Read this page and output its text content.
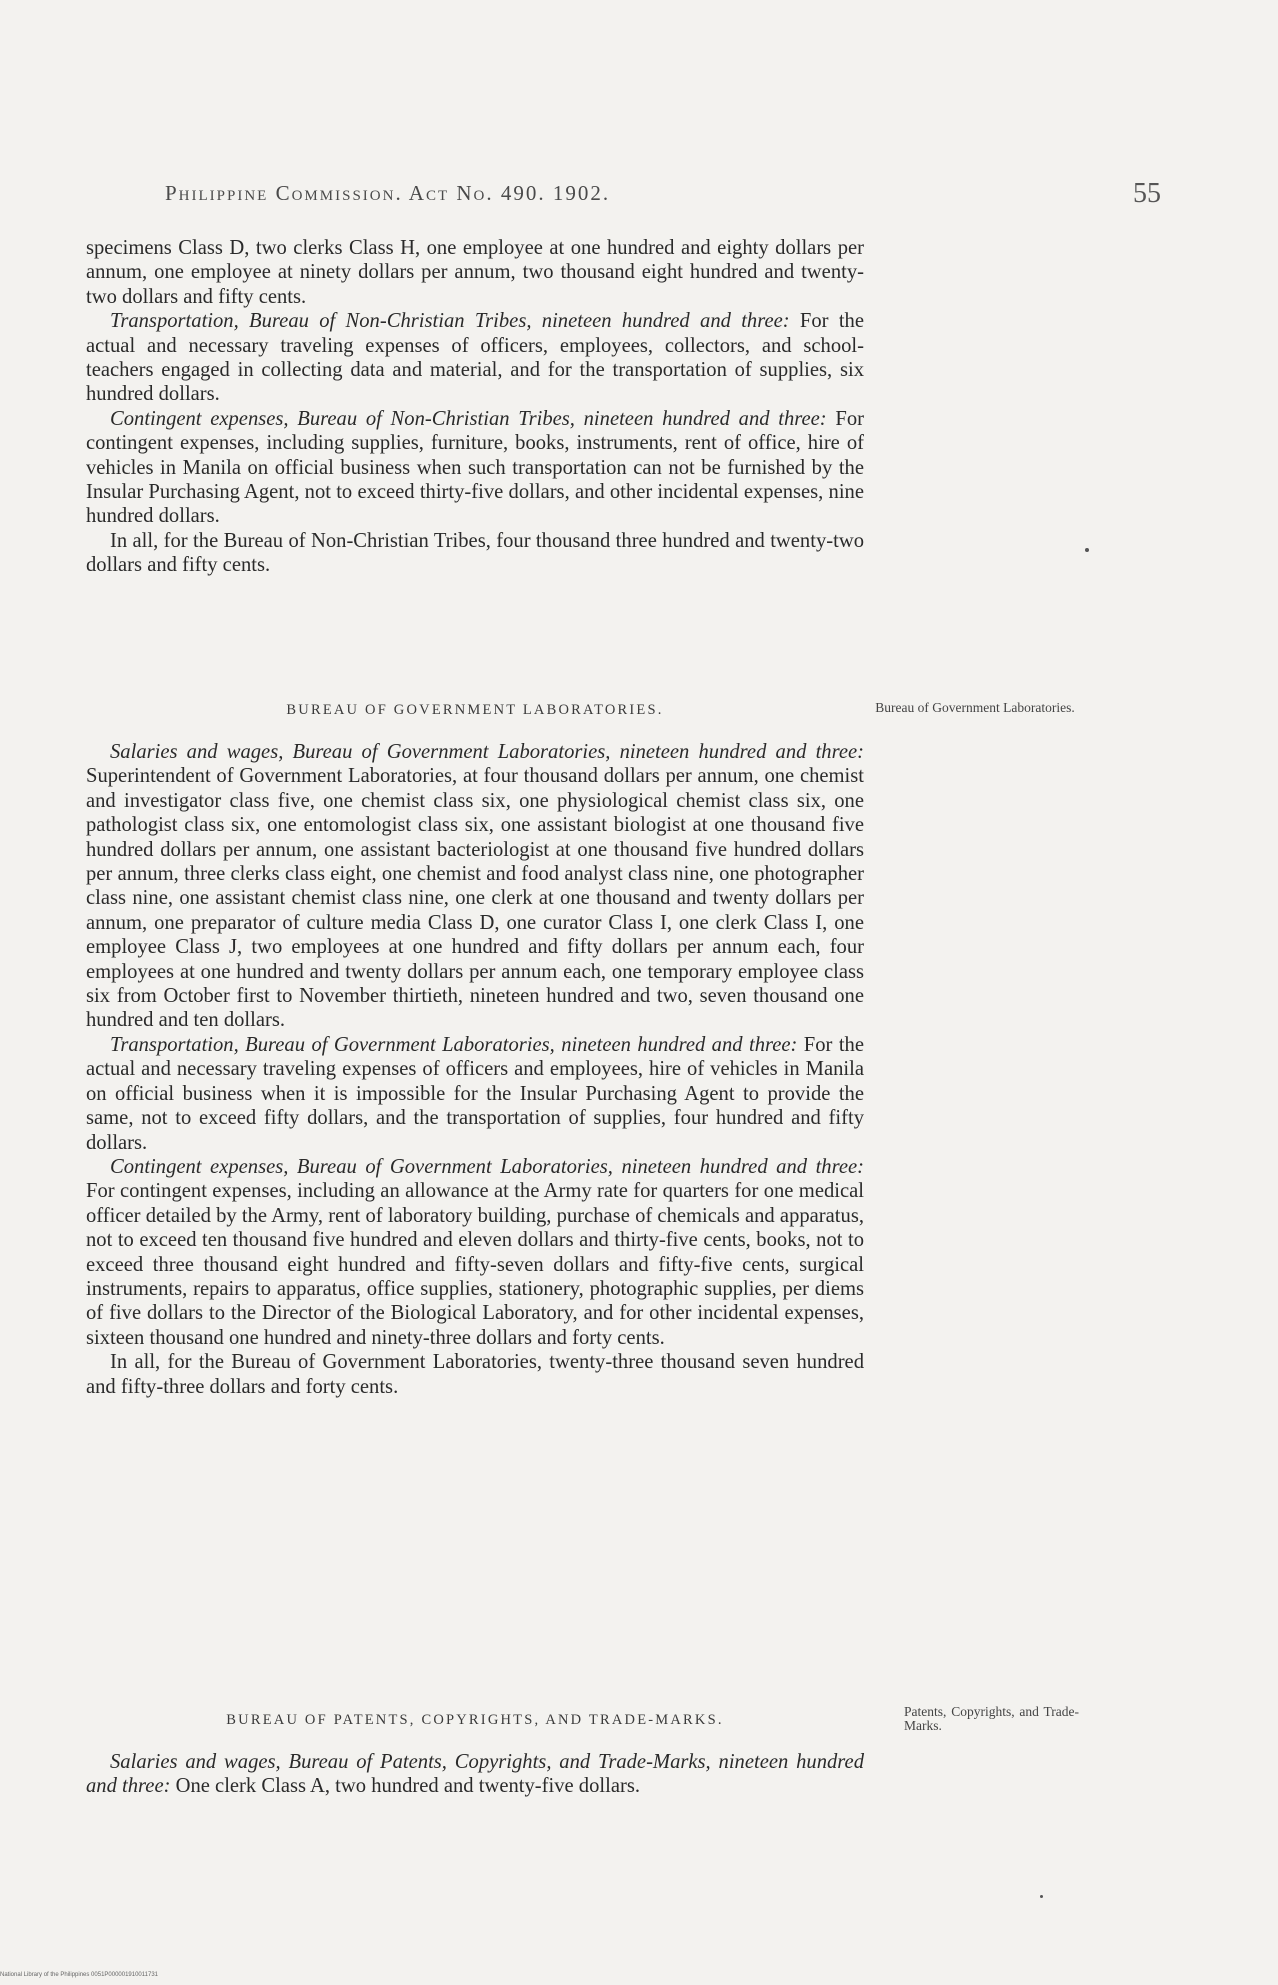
Philippine Commission. Act No. 490. 1902.	55

specimens Class D, two clerks Class H, one employee at one hundred and eighty dollars per annum, one employee at ninety dollars per annum, two thousand eight hundred and twenty-two dollars and fifty cents.

Transportation, Bureau of Non-Christian Tribes, nineteen hundred and three: For the actual and necessary traveling expenses of officers, employees, collectors, and school-teachers engaged in collecting data and material, and for the transportation of supplies, six hundred dollars.

Contingent expenses, Bureau of Non-Christian Tribes, nineteen hundred and three: For contingent expenses, including supplies, furniture, books, instruments, rent of office, hire of vehicles in Manila on official business when such transportation can not be furnished by the Insular Purchasing Agent, not to exceed thirty-five dollars, and other incidental expenses, nine hundred dollars.

In all, for the Bureau of Non-Christian Tribes, four thousand three hundred and twenty-two dollars and fifty cents.

BUREAU OF GOVERNMENT LABORATORIES.	Bureau of Government Laboratories.

Salaries and wages, Bureau of Government Laboratories, nineteen hundred and three: Superintendent of Government Laboratories, at four thousand dollars per annum, one chemist and investigator class five, one chemist class six, one physiological chemist class six, one pathologist class six, one entomologist class six, one assistant biologist at one thousand five hundred dollars per annum, one assistant bacteriologist at one thousand five hundred dollars per annum, three clerks class eight, one chemist and food analyst class nine, one photographer class nine, one assistant chemist class nine, one clerk at one thousand and twenty dollars per annum, one preparator of culture media Class D, one curator Class I, one clerk Class I, one employee Class J, two employees at one hundred and fifty dollars per annum each, four employees at one hundred and twenty dollars per annum each, one temporary employee class six from October first to November thirtieth, nineteen hundred and two, seven thousand one hundred and ten dollars.

Transportation, Bureau of Government Laboratories, nineteen hundred and three: For the actual and necessary traveling expenses of officers and employees, hire of vehicles in Manila on official business when it is impossible for the Insular Purchasing Agent to provide the same, not to exceed fifty dollars, and the transportation of supplies, four hundred and fifty dollars.

Contingent expenses, Bureau of Government Laboratories, nineteen hundred and three: For contingent expenses, including an allowance at the Army rate for quarters for one medical officer detailed by the Army, rent of laboratory building, purchase of chemicals and apparatus, not to exceed ten thousand five hundred and eleven dollars and thirty-five cents, books, not to exceed three thousand eight hundred and fifty-seven dollars and fifty-five cents, surgical instruments, repairs to apparatus, office supplies, stationery, photographic supplies, per diems of five dollars to the Director of the Biological Laboratory, and for other incidental expenses, sixteen thousand one hundred and ninety-three dollars and forty cents.

In all, for the Bureau of Government Laboratories, twenty-three thousand seven hundred and fifty-three dollars and forty cents.

BUREAU OF PATENTS, COPYRIGHTS, AND TRADE-MARKS.
Patents, Copyrights, and Trade-Marks.

Salaries and wages, Bureau of Patents, Copyrights, and Trade-Marks, nineteen hundred and three: One clerk Class A, two hundred and twenty-five dollars.

National Library of the Philippines 0051P000001910011731
